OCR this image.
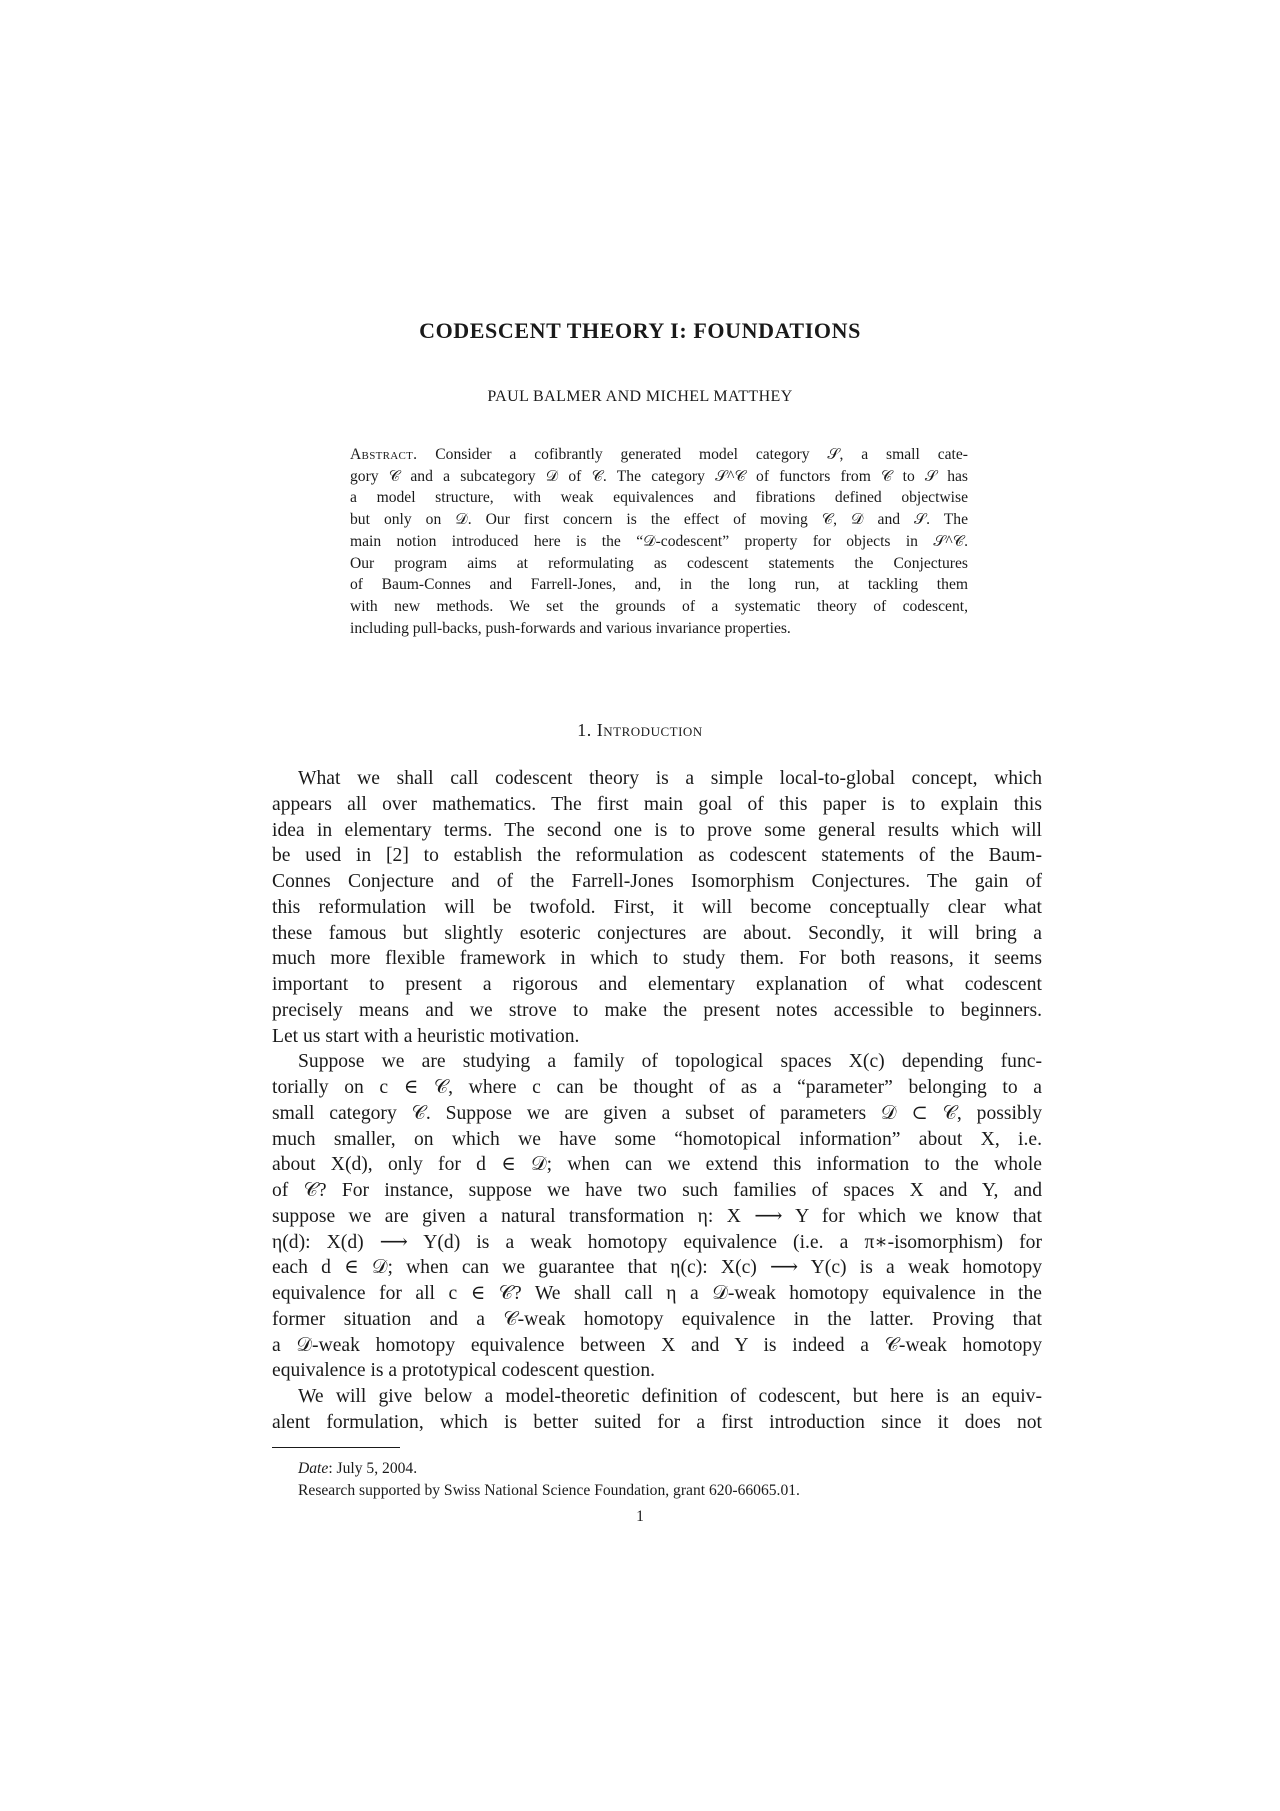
CODESCENT THEORY I: FOUNDATIONS
PAUL BALMER AND MICHEL MATTHEY
Abstract. Consider a cofibrantly generated model category 𝒮, a small cate-
gory 𝒞 and a subcategory 𝒟 of 𝒞. The category 𝒮^𝒞 of functors from 𝒞 to 𝒮 has
a model structure, with weak equivalences and fibrations defined objectwise
but only on 𝒟. Our first concern is the effect of moving 𝒞, 𝒟 and 𝒮. The
main notion introduced here is the “𝒟-codescent” property for objects in 𝒮^𝒞.
Our program aims at reformulating as codescent statements the Conjectures
of Baum-Connes and Farrell-Jones, and, in the long run, at tackling them
with new methods. We set the grounds of a systematic theory of codescent,
including pull-backs, push-forwards and various invariance properties.
1. Introduction
What we shall call codescent theory is a simple local-to-global concept, which
appears all over mathematics. The first main goal of this paper is to explain this
idea in elementary terms. The second one is to prove some general results which will
be used in [2] to establish the reformulation as codescent statements of the Baum-
Connes Conjecture and of the Farrell-Jones Isomorphism Conjectures. The gain of
this reformulation will be twofold. First, it will become conceptually clear what
these famous but slightly esoteric conjectures are about. Secondly, it will bring a
much more flexible framework in which to study them. For both reasons, it seems
important to present a rigorous and elementary explanation of what codescent
precisely means and we strove to make the present notes accessible to beginners.
Let us start with a heuristic motivation.
Suppose we are studying a family of topological spaces X(c) depending func-
torially on c ∈ 𝒞, where c can be thought of as a “parameter” belonging to a
small category 𝒞. Suppose we are given a subset of parameters 𝒟 ⊂ 𝒞, possibly
much smaller, on which we have some “homotopical information” about X, i.e.
about X(d), only for d ∈ 𝒟; when can we extend this information to the whole
of 𝒞? For instance, suppose we have two such families of spaces X and Y, and
suppose we are given a natural transformation η: X ⟶ Y for which we know that
η(d): X(d) ⟶ Y(d) is a weak homotopy equivalence (i.e. a π∗-isomorphism) for
each d ∈ 𝒟; when can we guarantee that η(c): X(c) ⟶ Y(c) is a weak homotopy
equivalence for all c ∈ 𝒞? We shall call η a 𝒟-weak homotopy equivalence in the
former situation and a 𝒞-weak homotopy equivalence in the latter. Proving that
a 𝒟-weak homotopy equivalence between X and Y is indeed a 𝒞-weak homotopy
equivalence is a prototypical codescent question.
We will give below a model-theoretic definition of codescent, but here is an equiv-
alent formulation, which is better suited for a first introduction since it does not
Date: July 5, 2004.
Research supported by Swiss National Science Foundation, grant 620-66065.01.
1
